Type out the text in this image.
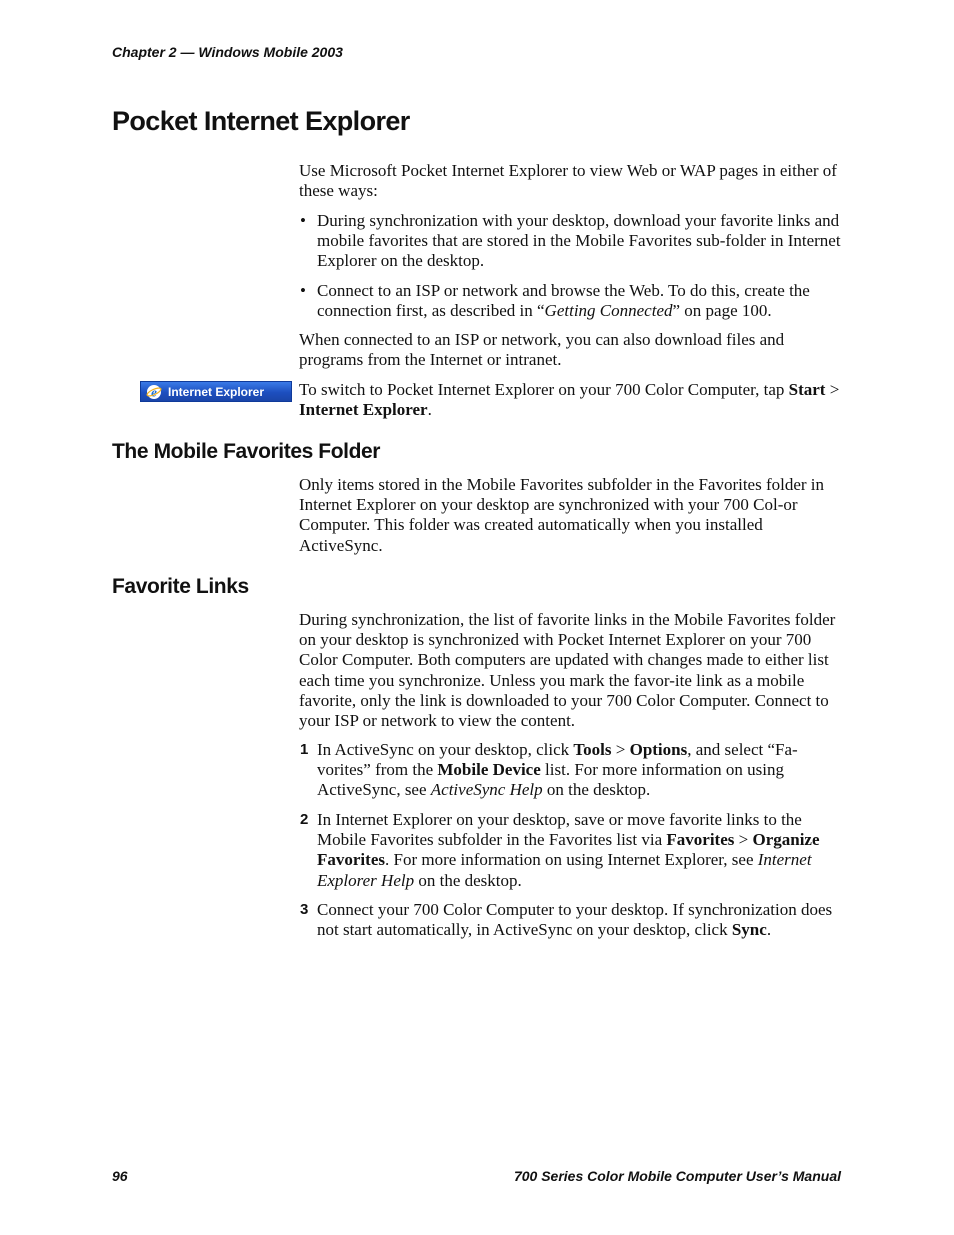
Chapter 2 — Windows Mobile 2003
Pocket Internet Explorer

Use Microsoft Pocket Internet Explorer to view Web or WAP pages in either of these ways:

• During synchronization with your desktop, download your favorite links and mobile favorites that are stored in the Mobile Favorites sub-folder in Internet Explorer on the desktop.
• Connect to an ISP or network and browse the Web. To do this, create the connection first, as described in “Getting Connected” on page 100.

When connected to an ISP or network, you can also download files and programs from the Internet or intranet.

e Internet Explorer To switch to Pocket Internet Explorer on your 700 Color Computer, tap Start > Internet Explorer.

The Mobile Favorites Folder

Only items stored in the Mobile Favorites subfolder in the Favorites folder in Internet Explorer on your desktop are synchronized with your 700 Col-or Computer. This folder was created automatically when you installed ActiveSync.

Favorite Links

During synchronization, the list of favorite links in the Mobile Favorites folder on your desktop is synchronized with Pocket Internet Explorer on your 700 Color Computer. Both computers are updated with changes made to either list each time you synchronize. Unless you mark the favor-ite link as a mobile favorite, only the link is downloaded to your 700 Color Computer. Connect to your ISP or network to view the content.

1 In ActiveSync on your desktop, click Tools > Options, and select “Fa-vorites” from the Mobile Device list. For more information on using ActiveSync, see ActiveSync Help on the desktop.
2 In Internet Explorer on your desktop, save or move favorite links to the Mobile Favorites subfolder in the Favorites list via Favorites > Organize Favorites. For more information on using Internet Explorer, see Internet Explorer Help on the desktop.
3 Connect your 700 Color Computer to your desktop. If synchronization does not start automatically, in ActiveSync on your desktop, click Sync.
96	700 Series Color Mobile Computer User’s Manual
